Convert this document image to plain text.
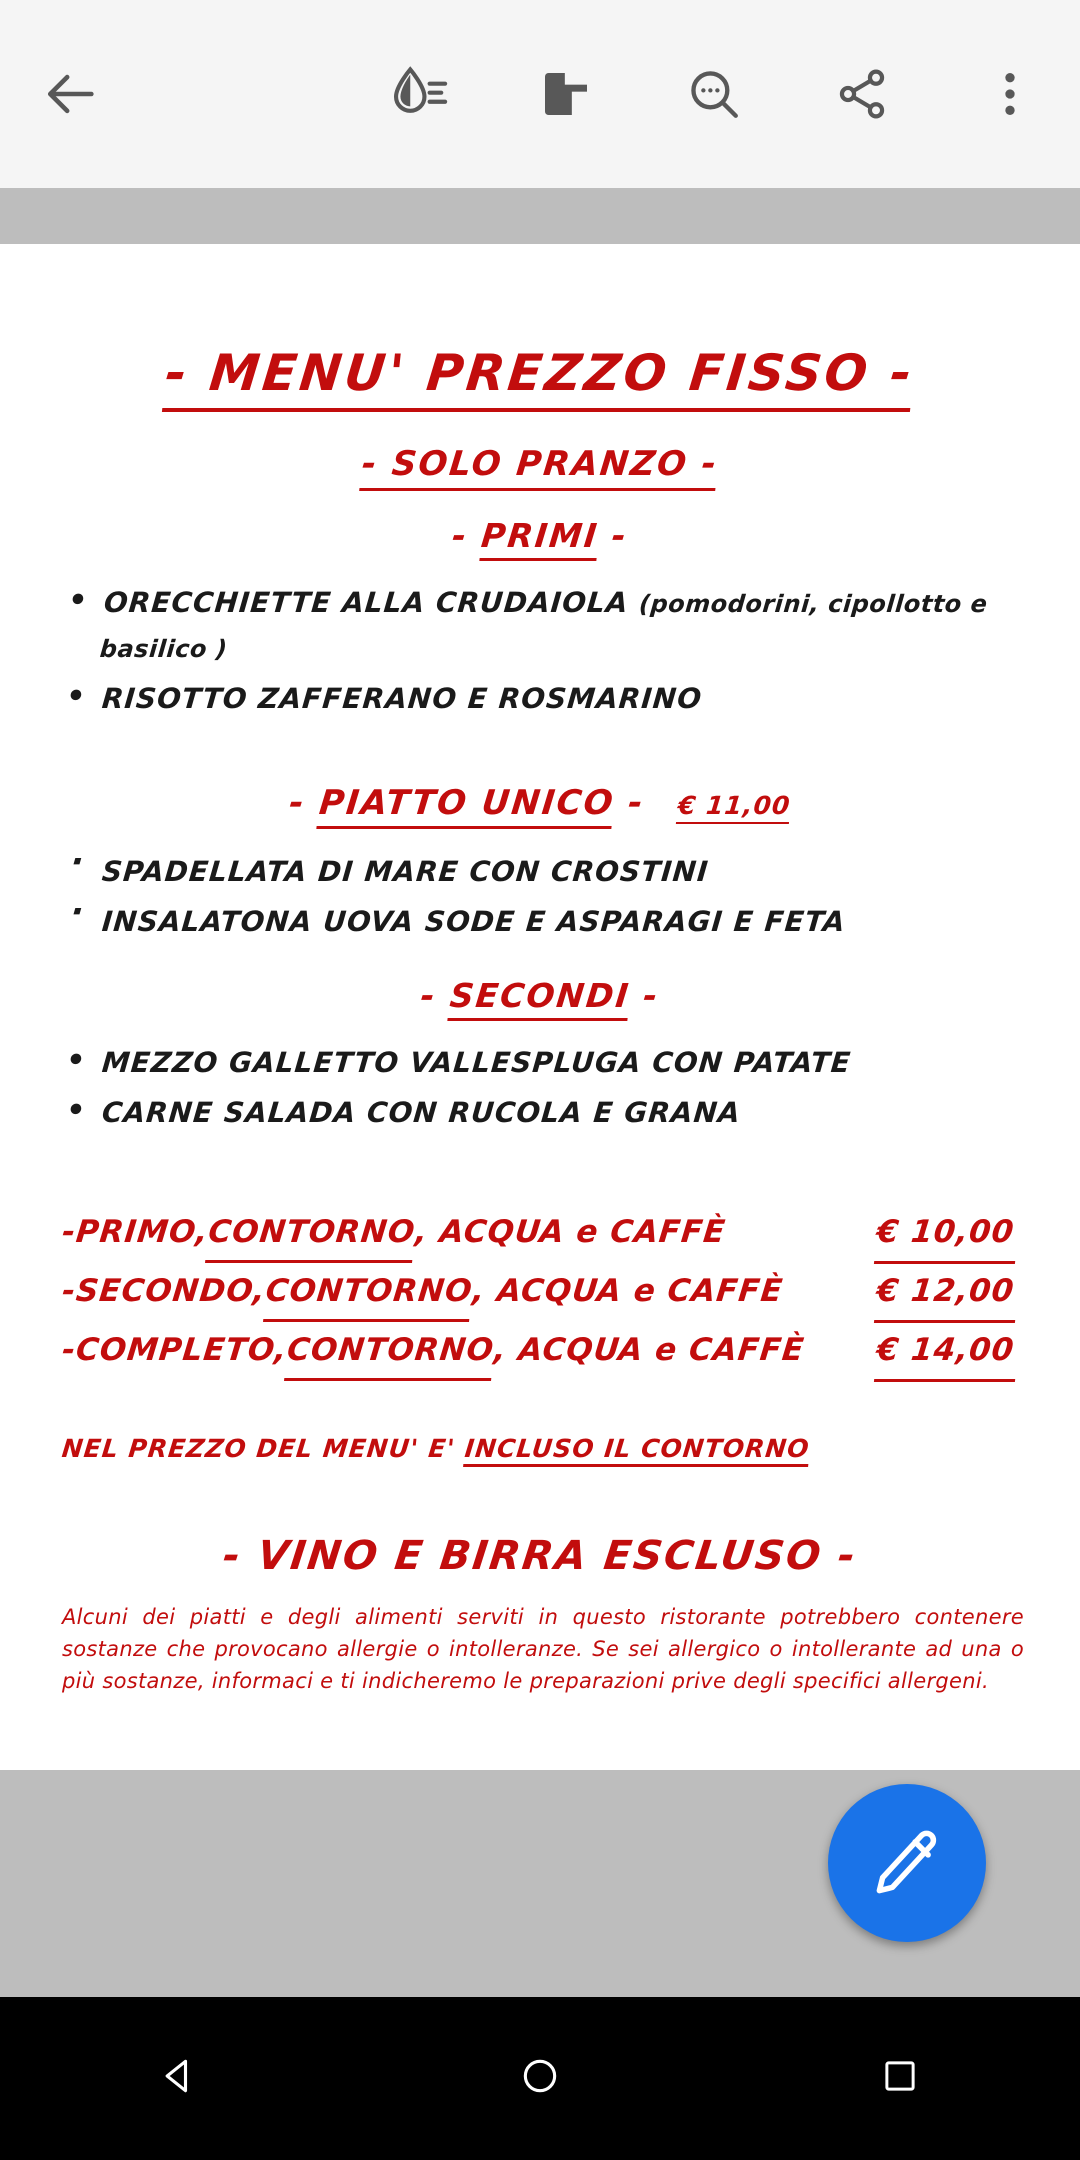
- MENU' PREZZO FISSO -
- SOLO PRANZO -
- PRIMI -
• ORECCHIETTE ALLA CRUDAIOLA (pomodorini, cipollotto e basilico )
• RISOTTO ZAFFERANO E ROSMARINO
- PIATTO UNICO - € 11,00
· SPADELLATA DI MARE CON CROSTINI
· INSALATONA UOVA SODE E ASPARAGI E FETA
- SECONDI -
• MEZZO GALLETTO VALLESPLUGA CON PATATE
• CARNE SALADA CON RUCOLA E GRANA
-PRIMO,
CONTORNO
, ACQUA e CAFFÈ	€ 10,00
-SECONDO,
CONTORNO
, ACQUA e CAFFÈ	€ 12,00
-COMPLETO,
CONTORNO
, ACQUA e CAFFÈ € 14,00
NEL PREZZO DEL MENU' E' INCLUSO IL CONTORNO
- VINO E BIRRA ESCLUSO -
Alcuni dei piatti e degli alimenti serviti in questo ristorante potrebbero contenere sostanze che provocano allergie o intolleranze. Se sei allergico o intollerante ad una o più sostanze, informaci e ti indicheremo le preparazioni prive degli specifici allergeni.
